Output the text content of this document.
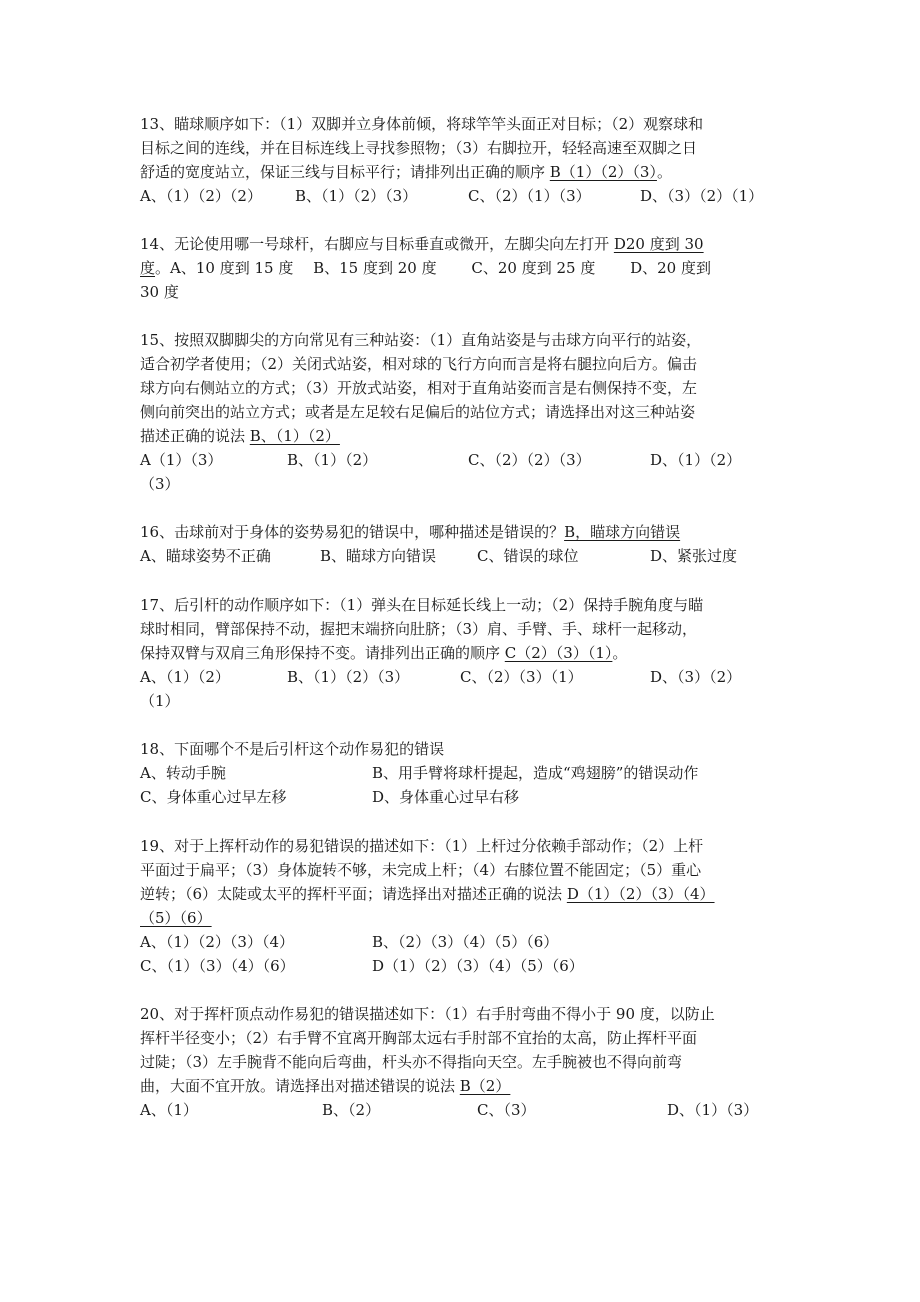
13、瞄球顺序如下：（1）双脚并立身体前倾，将球竿竿头面正对目标；（2）观察球和
目标之间的连线，并在目标连线上寻找参照物；（3）右脚拉开，轻轻高速至双脚之日
舒适的宽度站立，保证三线与目标平行；请排列出正确的顺序 B（1）（2）（3）。
A、（1）（2）（2） B、（1）（2）（3）	C、（2）（1）（3）	D、（3）（2）（1）
14、无论使用哪一号球杆，右脚应与目标垂直或微开，左脚尖向左打开 D20 度到 30
度。A、10 度到 15 度　 B、15 度到 20 度　　 C、20 度到 25 度　　 D、20 度到
30 度
15、按照双脚脚尖的方向常见有三种站姿：（1）直角站姿是与击球方向平行的站姿，
适合初学者使用；（2）关闭式站姿，相对球的飞行方向而言是将右腿拉向后方。偏击
球方向右侧站立的方式；（3）开放式站姿，相对于直角站姿而言是右侧保持不变，左
侧向前突出的站立方式；或者是左足较右足偏后的站位方式；请选择出对这三种站姿
描述正确的说法 B、（1）（2）
A（1）（3）	B、（1）（2）	C、（2）（2）（3）	D、（1）（2）
（3）
16、击球前对于身体的姿势易犯的错误中，哪种描述是错误的？B，瞄球方向错误
A、瞄球姿势不正确	B、瞄球方向错误	C、错误的球位	D、紧张过度
17、后引杆的动作顺序如下：（1）弹头在目标延长线上一动；（2）保持手腕角度与瞄
球时相同，臂部保持不动，握把末端挤向肚脐；（3）肩、手臂、手、球杆一起移动，
保持双臂与双肩三角形保持不变。请排列出正确的顺序 C（2）（3）（1）。
A、（1）（2）	B、（1）（2）（3）	C、（2）（3）（1）	D、（3）（2）
（1）
18、下面哪个不是后引杆这个动作易犯的错误
A、转动手腕	B、用手臂将球杆提起，造成“鸡翅膀”的错误动作
C、身体重心过早左移	D、身体重心过早右移
19、对于上挥杆动作的易犯错误的描述如下：（1）上杆过分依赖手部动作；（2）上杆
平面过于扁平；（3）身体旋转不够，未完成上杆；（4）右膝位置不能固定；（5）重心
逆转；（6）太陡或太平的挥杆平面；请选择出对描述正确的说法 D（1）（2）（3）（4）
（5）（6）
A、（1）（2）（3）（4）	B、（2）（3）（4）（5）（6）
C、（1）（3）（4）（6）	D（1）（2）（3）（4）（5）（6）
20、对于挥杆顶点动作易犯的错误描述如下：（1）右手肘弯曲不得小于 90 度，以防止
挥杆半径变小；（2）右手臂不宜离开胸部太远右手肘部不宜抬的太高，防止挥杆平面
过陡；（3）左手腕背不能向后弯曲，杆头亦不得指向天空。左手腕被也不得向前弯
曲，大面不宜开放。请选择出对描述错误的说法 B（2）
A、（1）	B、（2）	C、（3）	D、（1）（3）
